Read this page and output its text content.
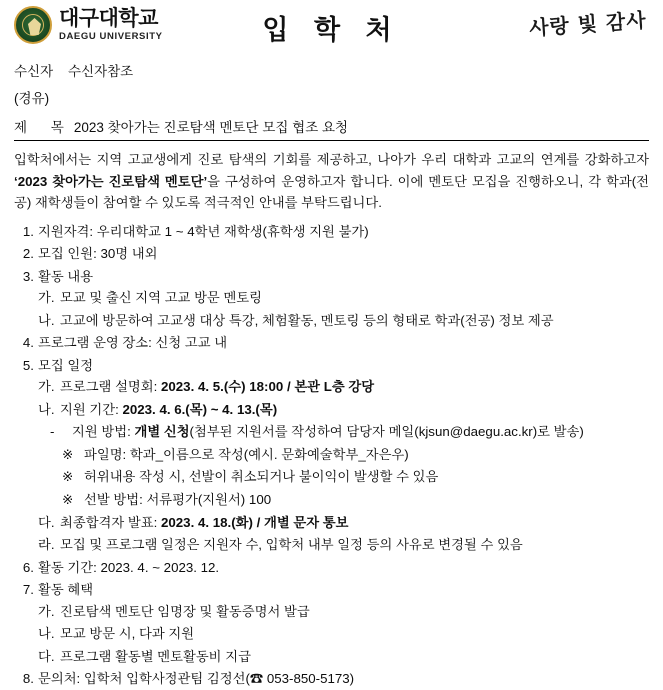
대구대학교
DAEGU UNIVERSITY	입 학 처	사랑 빛 감사
수신자 수신자참조
(경유)
제 목2023 찾아가는 진로탐색 멘토단 모집 협조 요청

입학처에서는 지역 고교생에게 진로 탐색의 기회를 제공하고, 나아가 우리 대학과 고교의 연계를 강화하고자 ‘2023 찾아가는 진로탐색 멘토단’을 구성하여 운영하고자 합니다. 이에 멘토단 모집을 진행하오니, 각 학과(전공) 재학생들이 참여할 수 있도록 적극적인 안내를 부탁드립니다.

1. 지원자격: 우리대학교 1 ~ 4학년 재학생(휴학생 지원 불가)
2. 모집 인원: 30명 내외
3. 활동 내용
가. 모교 및 출신 지역 고교 방문 멘토링
나. 고교에 방문하여 고교생 대상 특강, 체험활동, 멘토링 등의 형태로 학과(전공) 정보 제공
4. 프로그램 운영 장소: 신청 고교 내
5. 모집 일정
가. 프로그램 설명회: 2023. 4. 5.(수) 18:00 / 본관 L층 강당
나. 지원 기간: 2023. 4. 6.(목) ~ 4. 13.(목)
-	지원 방법: 개별 신청(첨부된 지원서를 작성하여 담당자 메일(kjsun@daegu.ac.kr)로 발송)
※ 파일명: 학과_이름으로 작성(예시. 문화예술학부_자은우)
※ 허위내용 작성 시, 선발이 취소되거나 불이익이 발생할 수 있음
※ 선발 방법: 서류평가(지원서) 100
다. 최종합격자 발표: 2023. 4. 18.(화) / 개별 문자 통보
라. 모집 및 프로그램 일정은 지원자 수, 입학처 내부 일정 등의 사유로 변경될 수 있음
6. 활동 기간: 2023. 4. ~ 2023. 12.
7. 활동 혜택
가. 진로탐색 멘토단 임명장 및 활동증명서 발급
나. 모교 방문 시, 다과 지원
다. 프로그램 활동별 멘토활동비 지급
8. 문의처: 입학처 입학사정관팀 김정선(☎ 053-850-5173)
